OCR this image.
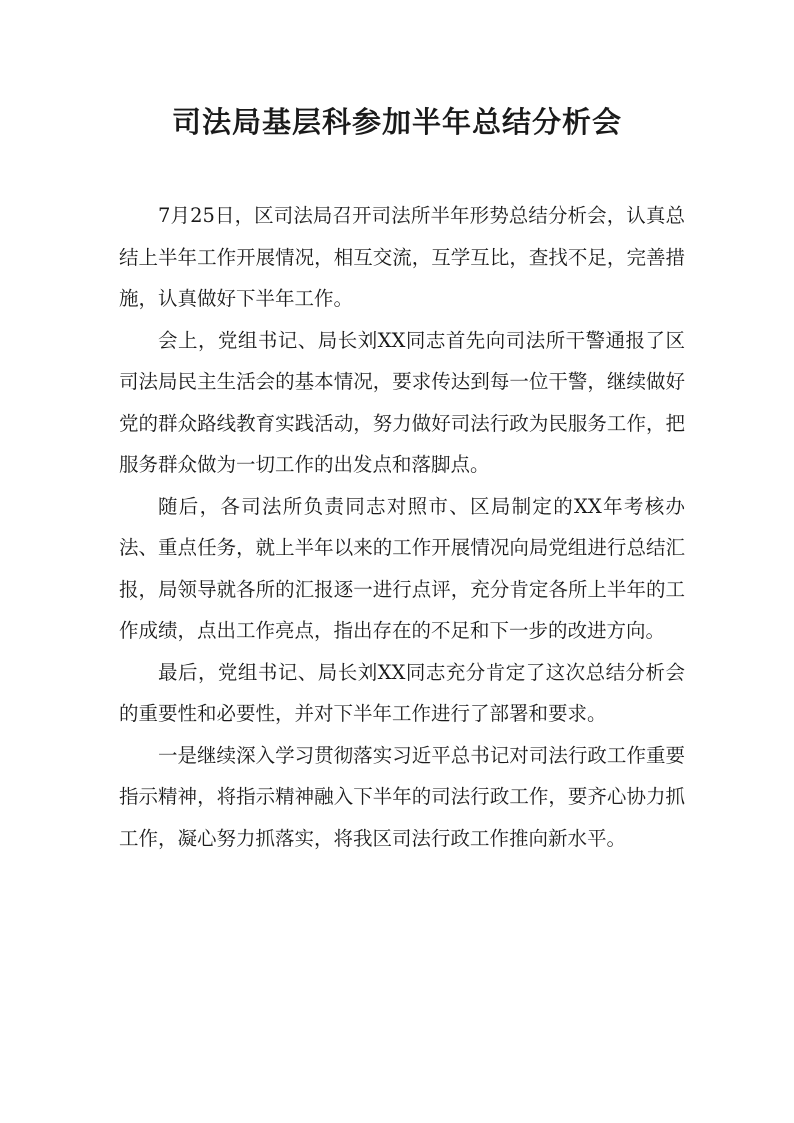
司法局基层科参加半年总结分析会

7月25日，区司法局召开司法所半年形势总结分析会，认真总结上半年工作开展情况，相互交流，互学互比，查找不足，完善措施，认真做好下半年工作。

会上，党组书记、局长刘XX同志首先向司法所干警通报了区司法局民主生活会的基本情况，要求传达到每一位干警，继续做好党的群众路线教育实践活动，努力做好司法行政为民服务工作，把服务群众做为一切工作的出发点和落脚点。

随后，各司法所负责同志对照市、区局制定的XX年考核办法、重点任务，就上半年以来的工作开展情况向局党组进行总结汇报，局领导就各所的汇报逐一进行点评，充分肯定各所上半年的工作成绩，点出工作亮点，指出存在的不足和下一步的改进方向。

最后，党组书记、局长刘XX同志充分肯定了这次总结分析会的重要性和必要性，并对下半年工作进行了部署和要求。

一是继续深入学习贯彻落实习近平总书记对司法行政工作重要指示精神，将指示精神融入下半年的司法行政工作，要齐心协力抓工作，凝心努力抓落实，将我区司法行政工作推向新水平。
